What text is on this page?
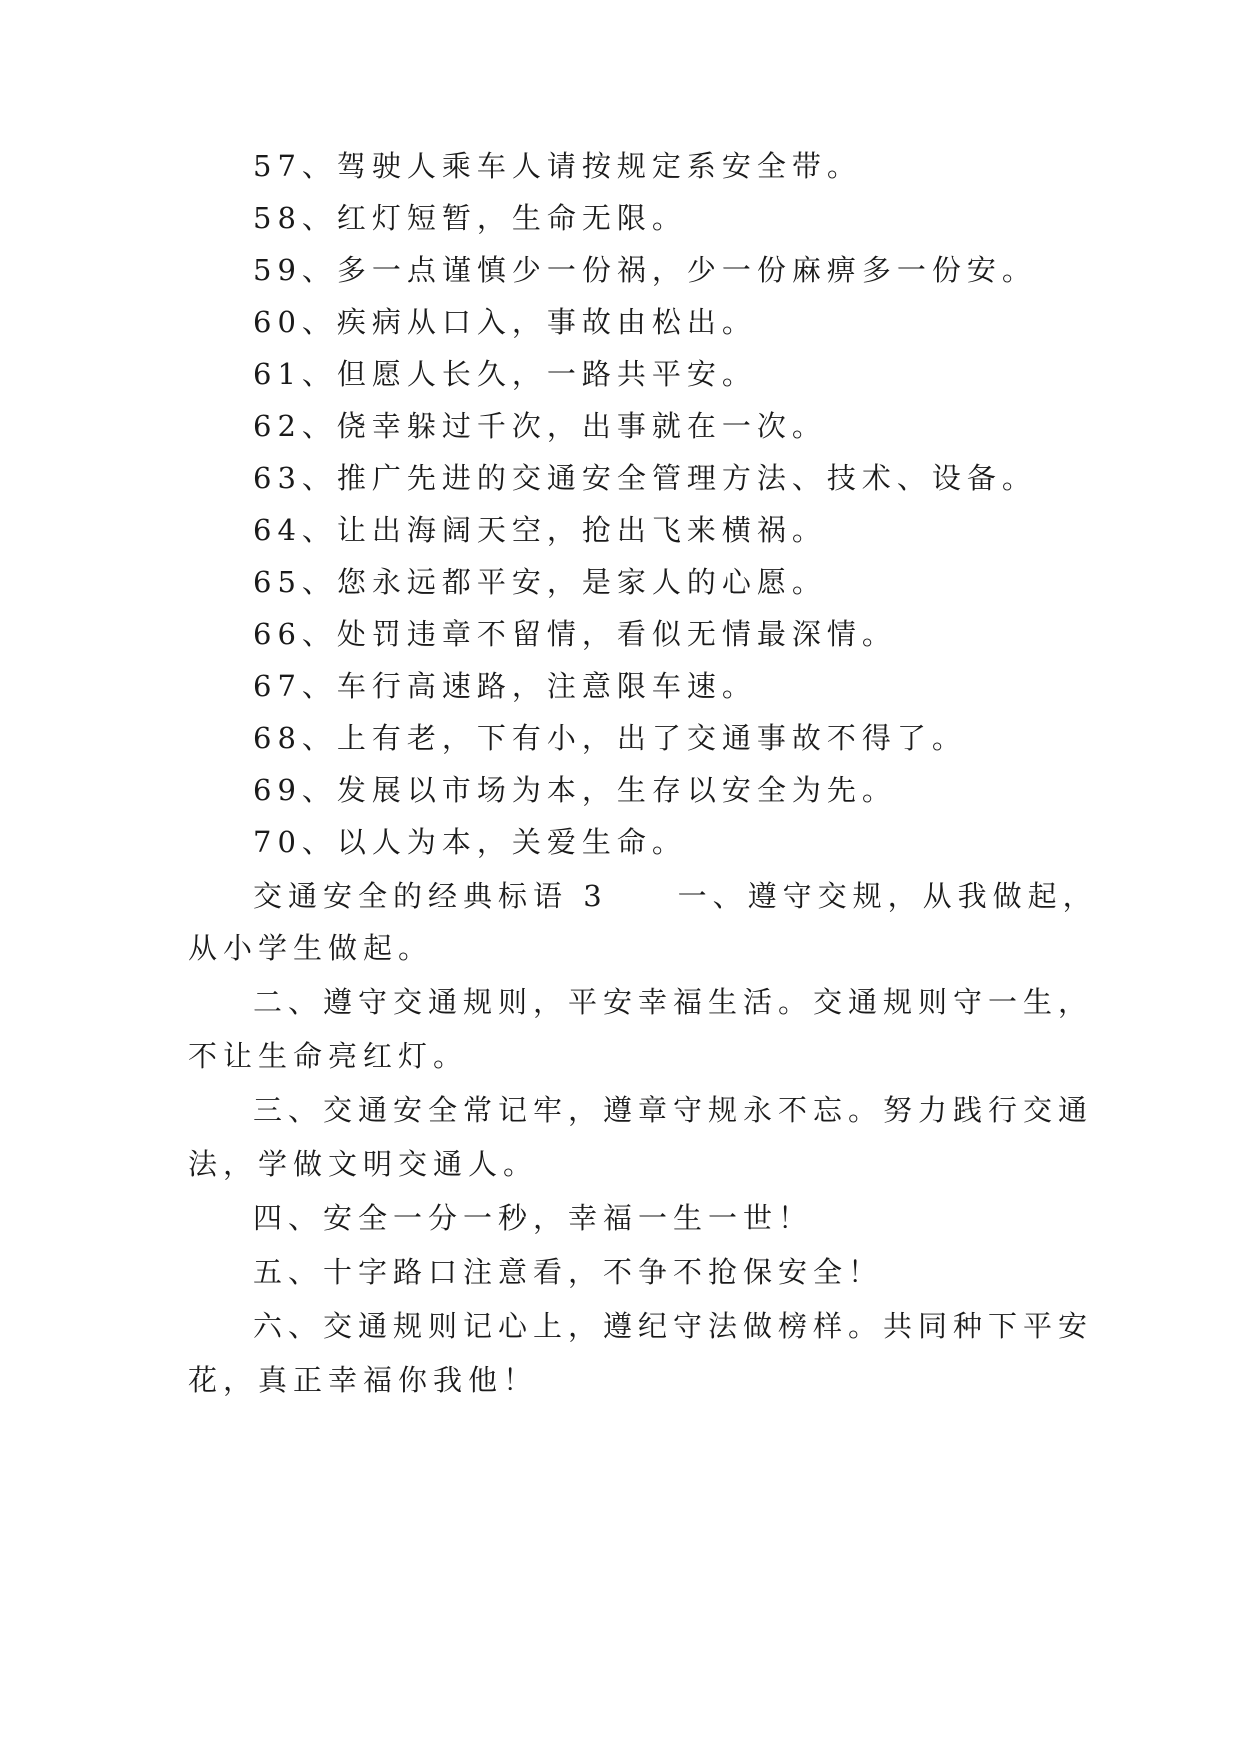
57、驾驶人乘车人请按规定系安全带。
58、红灯短暂，生命无限。
59、多一点谨慎少一份祸，少一份麻痹多一份安。
60、疾病从口入，事故由松出。
61、但愿人长久，一路共平安。
62、侥幸躲过千次，出事就在一次。
63、推广先进的交通安全管理方法、技术、设备。
64、让出海阔天空，抢出飞来横祸。
65、您永远都平安，是家人的心愿。
66、处罚违章不留情，看似无情最深情。
67、车行高速路，注意限车速。
68、上有老，下有小，出了交通事故不得了。
69、发展以市场为本，生存以安全为先。
70、以人为本，关爱生命。
交通安全的经典标语 3 一、遵守交规，从我做起，
从小学生做起。
二、遵守交通规则，平安幸福生活。交通规则守一生，
不让生命亮红灯。
三、交通安全常记牢，遵章守规永不忘。努力践行交通
法，学做文明交通人。
四、安全一分一秒，幸福一生一世！
五、十字路口注意看，不争不抢保安全！
六、交通规则记心上，遵纪守法做榜样。共同种下平安
花，真正幸福你我他！
